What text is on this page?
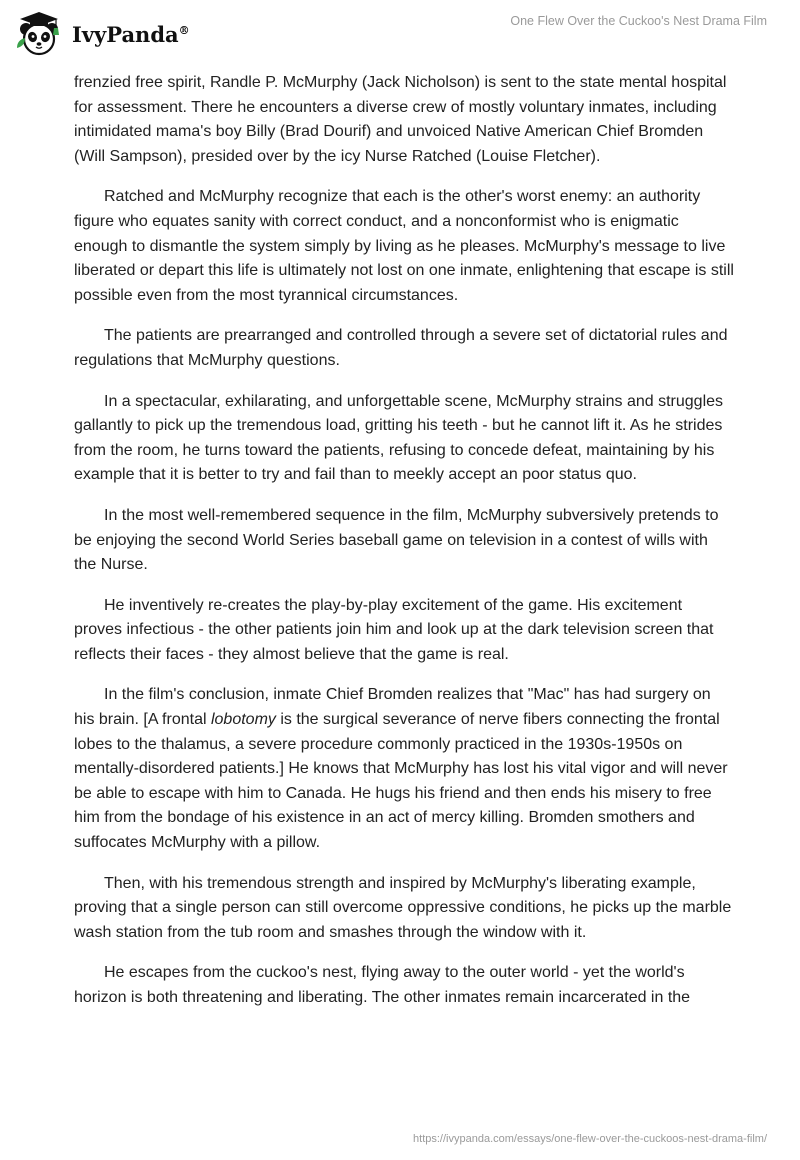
IvyPanda®
One Flew Over the Cuckoo's Nest Drama Film

frenzied free spirit, Randle P. McMurphy (Jack Nicholson) is sent to the state mental hospital for assessment. There he encounters a diverse crew of mostly voluntary inmates, including intimidated mama's boy Billy (Brad Dourif) and unvoiced Native American Chief Bromden (Will Sampson), presided over by the icy Nurse Ratched (Louise Fletcher).

Ratched and McMurphy recognize that each is the other's worst enemy: an authority figure who equates sanity with correct conduct, and a nonconformist who is enigmatic enough to dismantle the system simply by living as he pleases. McMurphy's message to live liberated or depart this life is ultimately not lost on one inmate, enlightening that escape is still possible even from the most tyrannical circumstances.

The patients are prearranged and controlled through a severe set of dictatorial rules and regulations that McMurphy questions.

In a spectacular, exhilarating, and unforgettable scene, McMurphy strains and struggles gallantly to pick up the tremendous load, gritting his teeth - but he cannot lift it. As he strides from the room, he turns toward the patients, refusing to concede defeat, maintaining by his example that it is better to try and fail than to meekly accept an poor status quo.

In the most well-remembered sequence in the film, McMurphy subversively pretends to be enjoying the second World Series baseball game on television in a contest of wills with the Nurse.

He inventively re-creates the play-by-play excitement of the game. His excitement proves infectious - the other patients join him and look up at the dark television screen that reflects their faces - they almost believe that the game is real.

In the film's conclusion, inmate Chief Bromden realizes that "Mac" has had surgery on his brain. [A frontal lobotomy is the surgical severance of nerve fibers connecting the frontal lobes to the thalamus, a severe procedure commonly practiced in the 1930s-1950s on mentally-disordered patients.] He knows that McMurphy has lost his vital vigor and will never be able to escape with him to Canada. He hugs his friend and then ends his misery to free him from the bondage of his existence in an act of mercy killing. Bromden smothers and suffocates McMurphy with a pillow.

Then, with his tremendous strength and inspired by McMurphy's liberating example, proving that a single person can still overcome oppressive conditions, he picks up the marble wash station from the tub room and smashes through the window with it.

He escapes from the cuckoo's nest, flying away to the outer world - yet the world's horizon is both threatening and liberating. The other inmates remain incarcerated in the

https://ivypanda.com/essays/one-flew-over-the-cuckoos-nest-drama-film/
